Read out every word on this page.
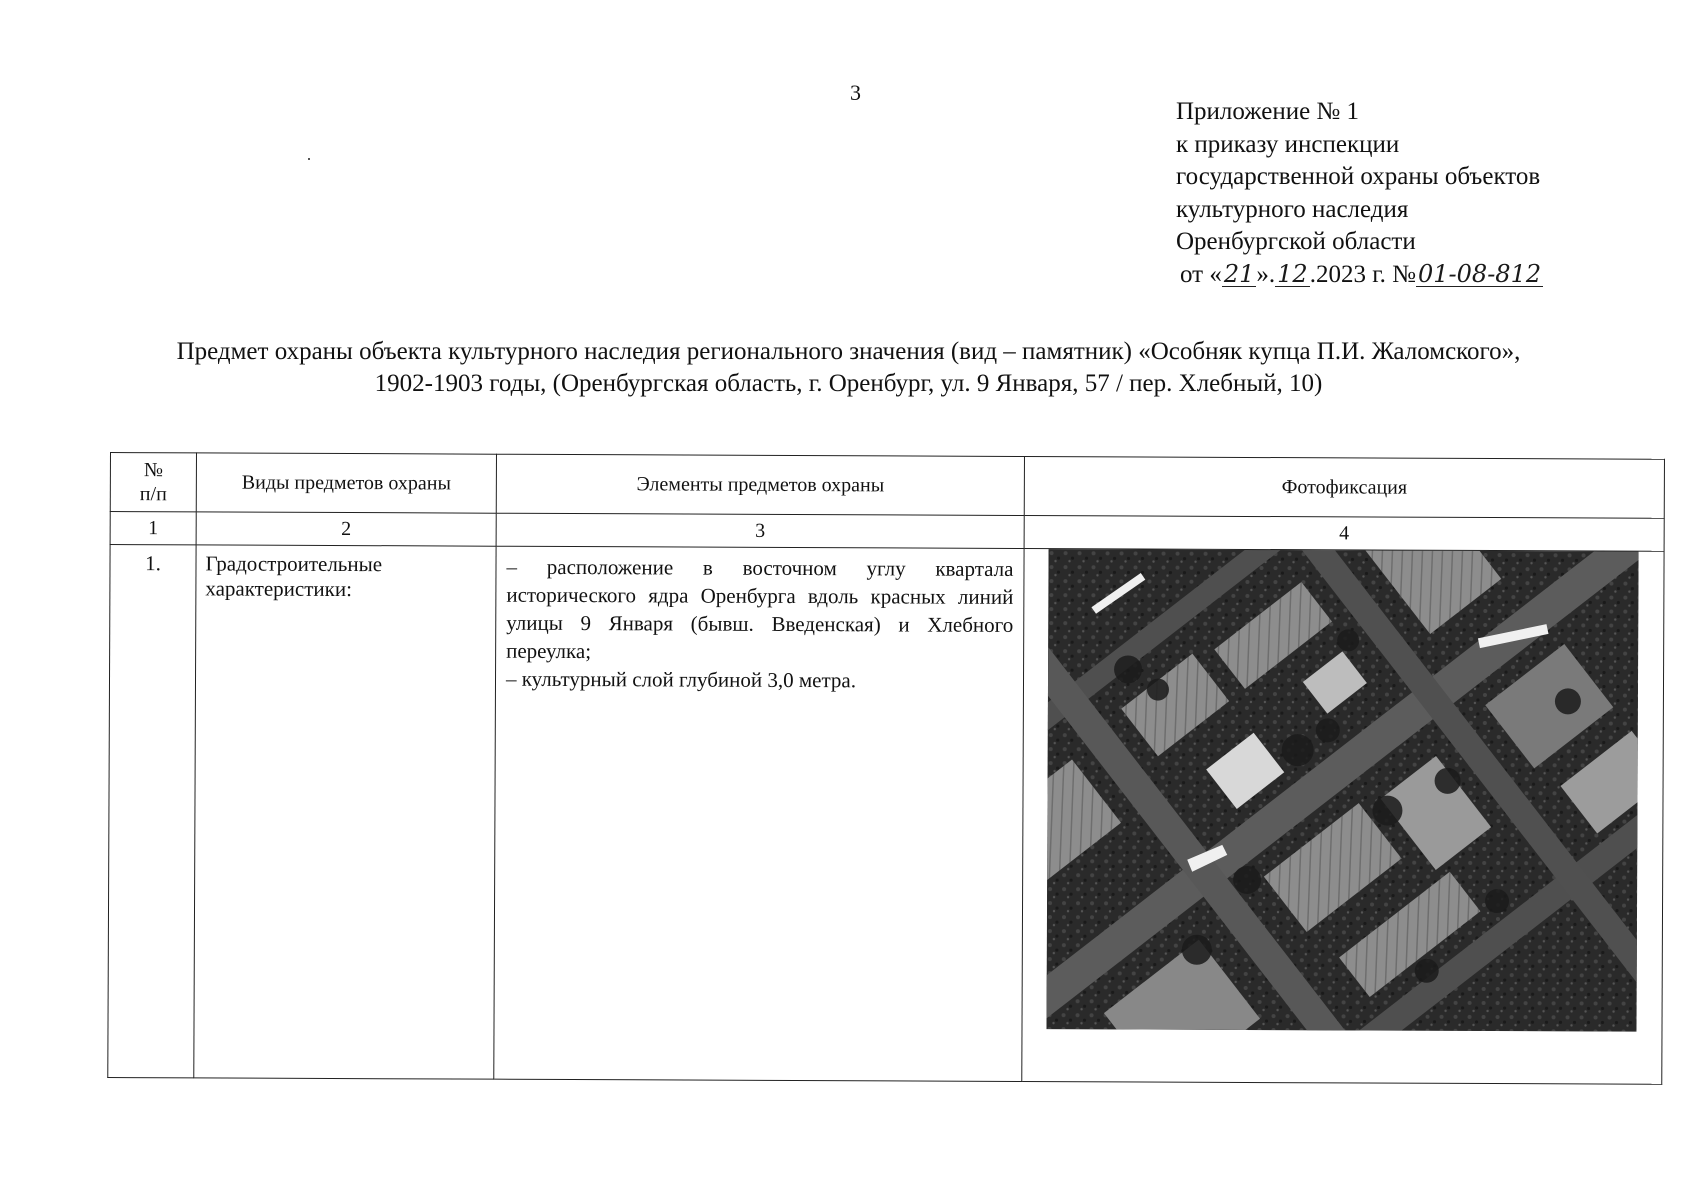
3
Приложение № 1
к приказу инспекции
государственной охраны объектов
культурного наследия
Оренбургской области
от «21».12.2023 г. №01-08-812
Предмет охраны объекта культурного наследия регионального значения (вид – памятник) «Особняк купца П.И. Жаломского»,
1902-1903 годы, (Оренбургская область, г. Оренбург, ул. 9 Января, 57 / пер. Хлебный, 10)
№
п/п	Виды предметов охраны	Элементы предметов охраны	Фотофиксация
1	2	3	4
1.	Градостроительные характеристики:	– расположение в восточном углу квартала исторического ядра Оренбурга вдоль красных линий улицы 9 Января (бывш. Введенская) и Хлебного переулка;

– культурный слой глубиной 3,0 метра.
